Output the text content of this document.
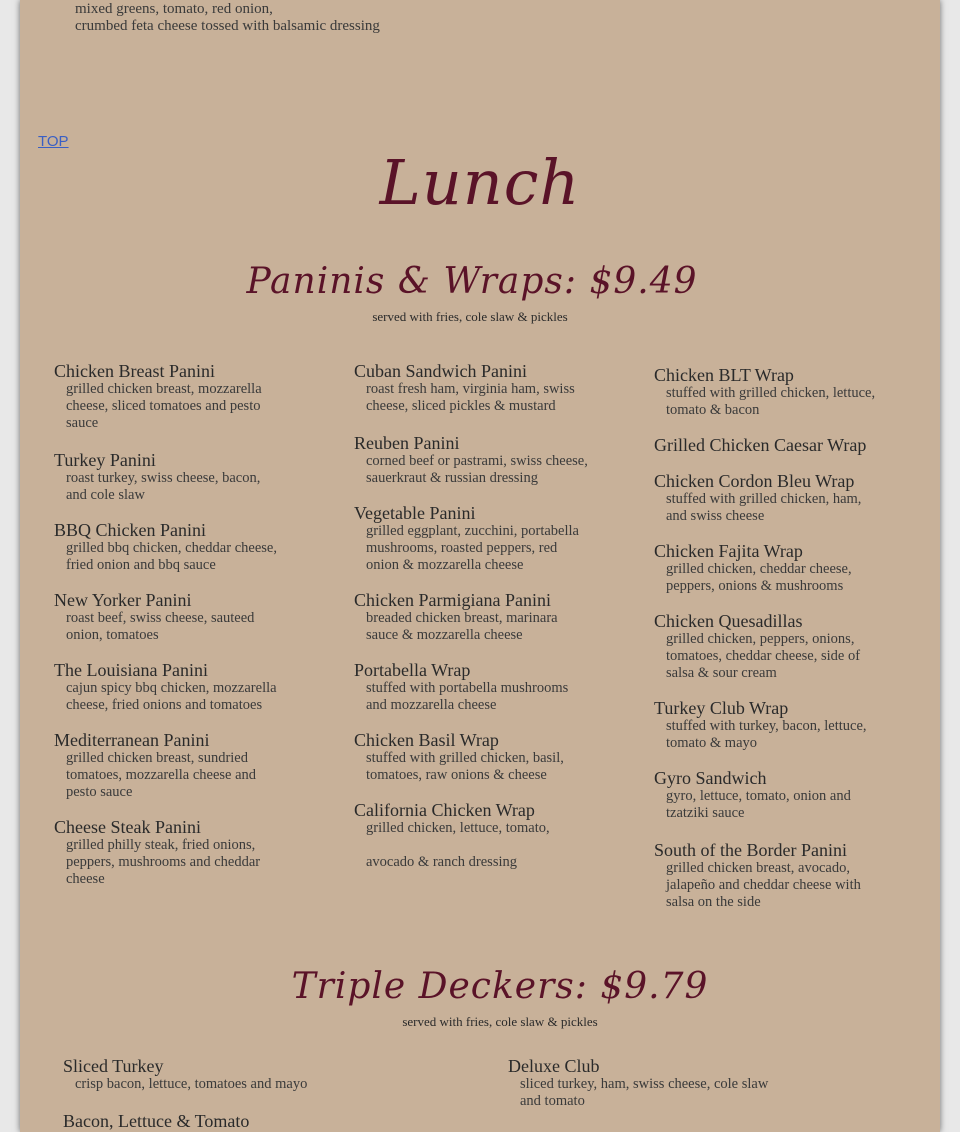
mixed greens, tomato, red onion,
crumbed feta cheese tossed with balsamic dressing
TOP
Lunch
Paninis & Wraps: $9.49
served with fries, cole slaw & pickles
Chicken Breast Panini
grilled chicken breast, mozzarella
cheese, sliced tomatoes and pesto
sauce
Turkey Panini
roast turkey, swiss cheese, bacon,
and cole slaw
BBQ Chicken Panini
grilled bbq chicken, cheddar cheese,
fried onion and bbq sauce
New Yorker Panini
roast beef, swiss cheese, sauteed
onion, tomatoes
The Louisiana Panini
cajun spicy bbq chicken, mozzarella
cheese, fried onions and tomatoes
Mediterranean Panini
grilled chicken breast, sundried
tomatoes, mozzarella cheese and
pesto sauce
Cheese Steak Panini
grilled philly steak, fried onions,
peppers, mushrooms and cheddar
cheese
Cuban Sandwich Panini
roast fresh ham, virginia ham, swiss
cheese, sliced pickles & mustard
Reuben Panini
corned beef or pastrami, swiss cheese,
sauerkraut & russian dressing
Vegetable Panini
grilled eggplant, zucchini, portabella
mushrooms, roasted peppers, red
onion & mozzarella cheese
Chicken Parmigiana Panini
breaded chicken breast, marinara
sauce & mozzarella cheese
Portabella Wrap
stuffed with portabella mushrooms
and mozzarella cheese
Chicken Basil Wrap
stuffed with grilled chicken, basil,
tomatoes, raw onions & cheese
California Chicken Wrap
grilled chicken, lettuce, tomato,

avocado & ranch dressing
Chicken BLT Wrap
stuffed with grilled chicken, lettuce,
tomato & bacon
Grilled Chicken Caesar Wrap
Chicken Cordon Bleu Wrap
stuffed with grilled chicken, ham,
and swiss cheese
Chicken Fajita Wrap
grilled chicken, cheddar cheese,
peppers, onions & mushrooms
Chicken Quesadillas
grilled chicken, peppers, onions,
tomatoes, cheddar cheese, side of
salsa & sour cream
Turkey Club Wrap
stuffed with turkey, bacon, lettuce,
tomato & mayo
Gyro Sandwich
gyro, lettuce, tomato, onion and
tzatziki sauce
South of the Border Panini
grilled chicken breast, avocado,
jalapeño and cheddar cheese with
salsa on the side
Triple Deckers: $9.79
served with fries, cole slaw & pickles
Sliced Turkey
crisp bacon, lettuce, tomatoes and mayo
Bacon, Lettuce & Tomato
Deluxe Club
sliced turkey, ham, swiss cheese, cole slaw
and tomato
